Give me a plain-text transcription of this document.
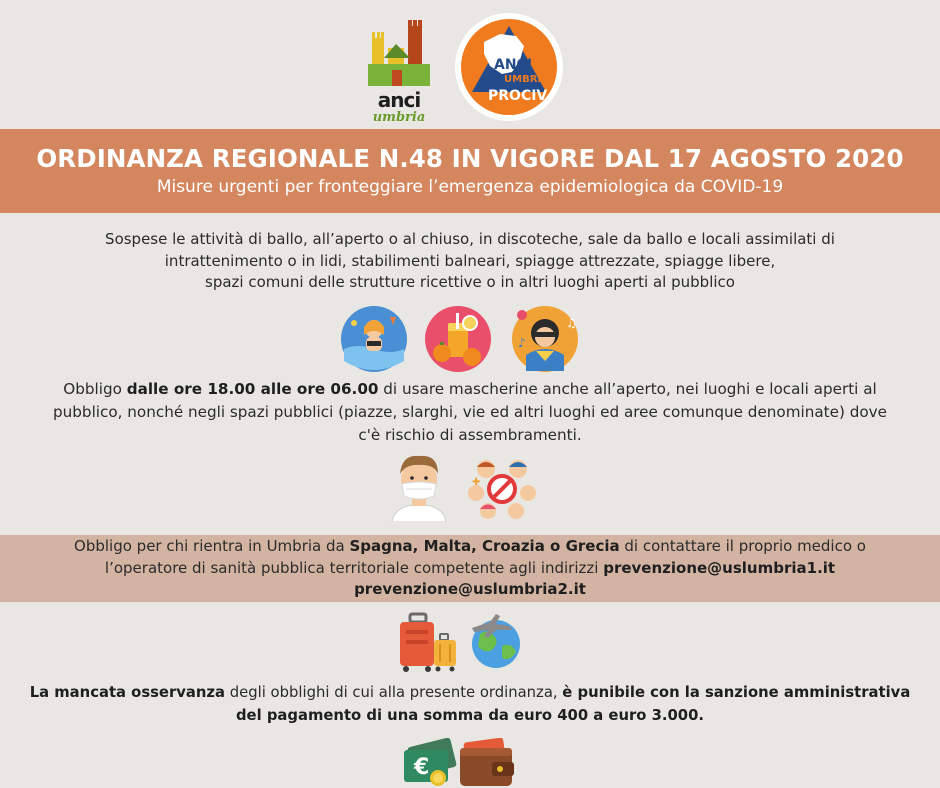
anci
umbria
ANCI
UMBRIA
PROCIV
ORDINANZA REGIONALE N.48 IN VIGORE DAL 17 AGOSTO 2020
Misure urgenti per fronteggiare l’emergenza epidemiologica da COVID-19
Sospese le attività di ballo, all’aperto o al chiuso, in discoteche, sale da ballo e locali assimilati di
intrattenimento o in lidi, stabilimenti balneari, spiagge attrezzate, spiagge libere,
spazi comuni delle strutture ricettive o in altri luoghi aperti al pubblico
♪
♫
Obbligo dalle ore 18.00 alle ore 06.00 di usare mascherine anche all’aperto, nei luoghi e locali aperti al
pubblico, nonché negli spazi pubblici (piazze, slarghi, vie ed altri luoghi ed aree comunque denominate) dove
c'è rischio di assembramenti.
✚
Obbligo per chi rientra in Umbria da Spagna, Malta, Croazia o Grecia di contattare il proprio medico o
l’operatore di sanità pubblica territoriale competente agli indirizzi prevenzione@uslumbria1.it
prevenzione@uslumbria2.it
La mancata osservanza degli obblighi di cui alla presente ordinanza, è punibile con la sanzione amministrativa
del pagamento di una somma da euro 400 a euro 3.000.
€
